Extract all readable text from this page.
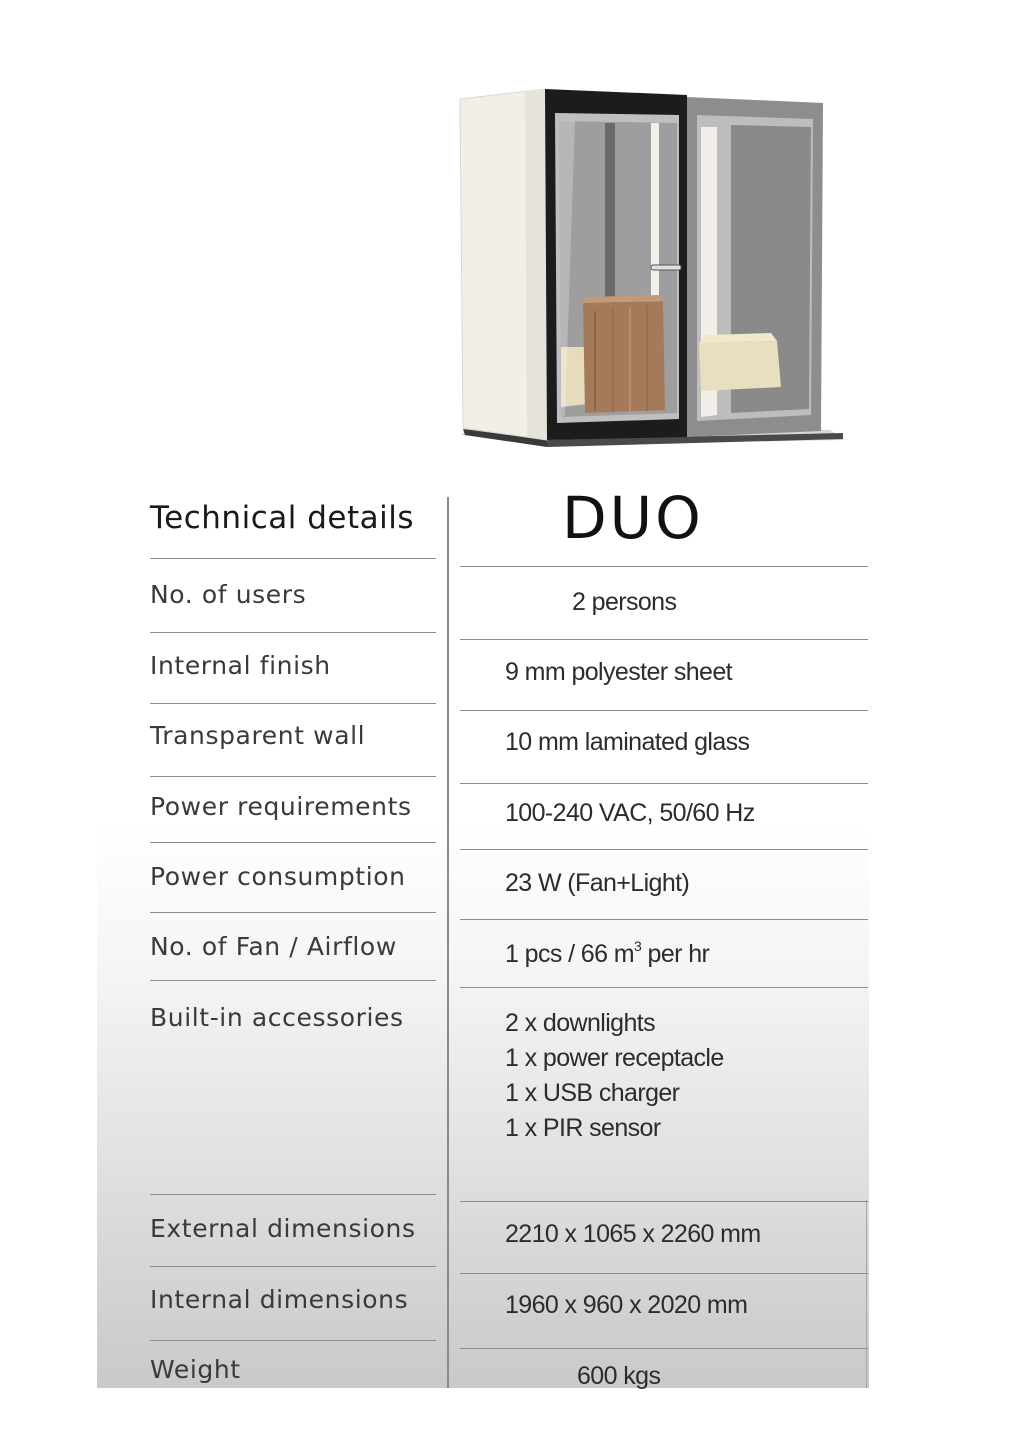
Technical details	DUO
No. of users	2 persons
Internal finish	9 mm polyester sheet
Transparent wall	10 mm laminated glass
Power requirements	100-240 VAC, 50/60 Hz
Power consumption	23 W (Fan+Light)
No. of Fan / Airflow	1 pcs / 66 $m^3$ per hr
Built-in accessories	2 x downlights
1 x power receptacle
1 x USB charger
1 x PIR sensor
External dimensions	2210 x 1065 x 2260 mm
Internal dimensions	1960 x 960 x 2020 mm
Weight	600 kgs
